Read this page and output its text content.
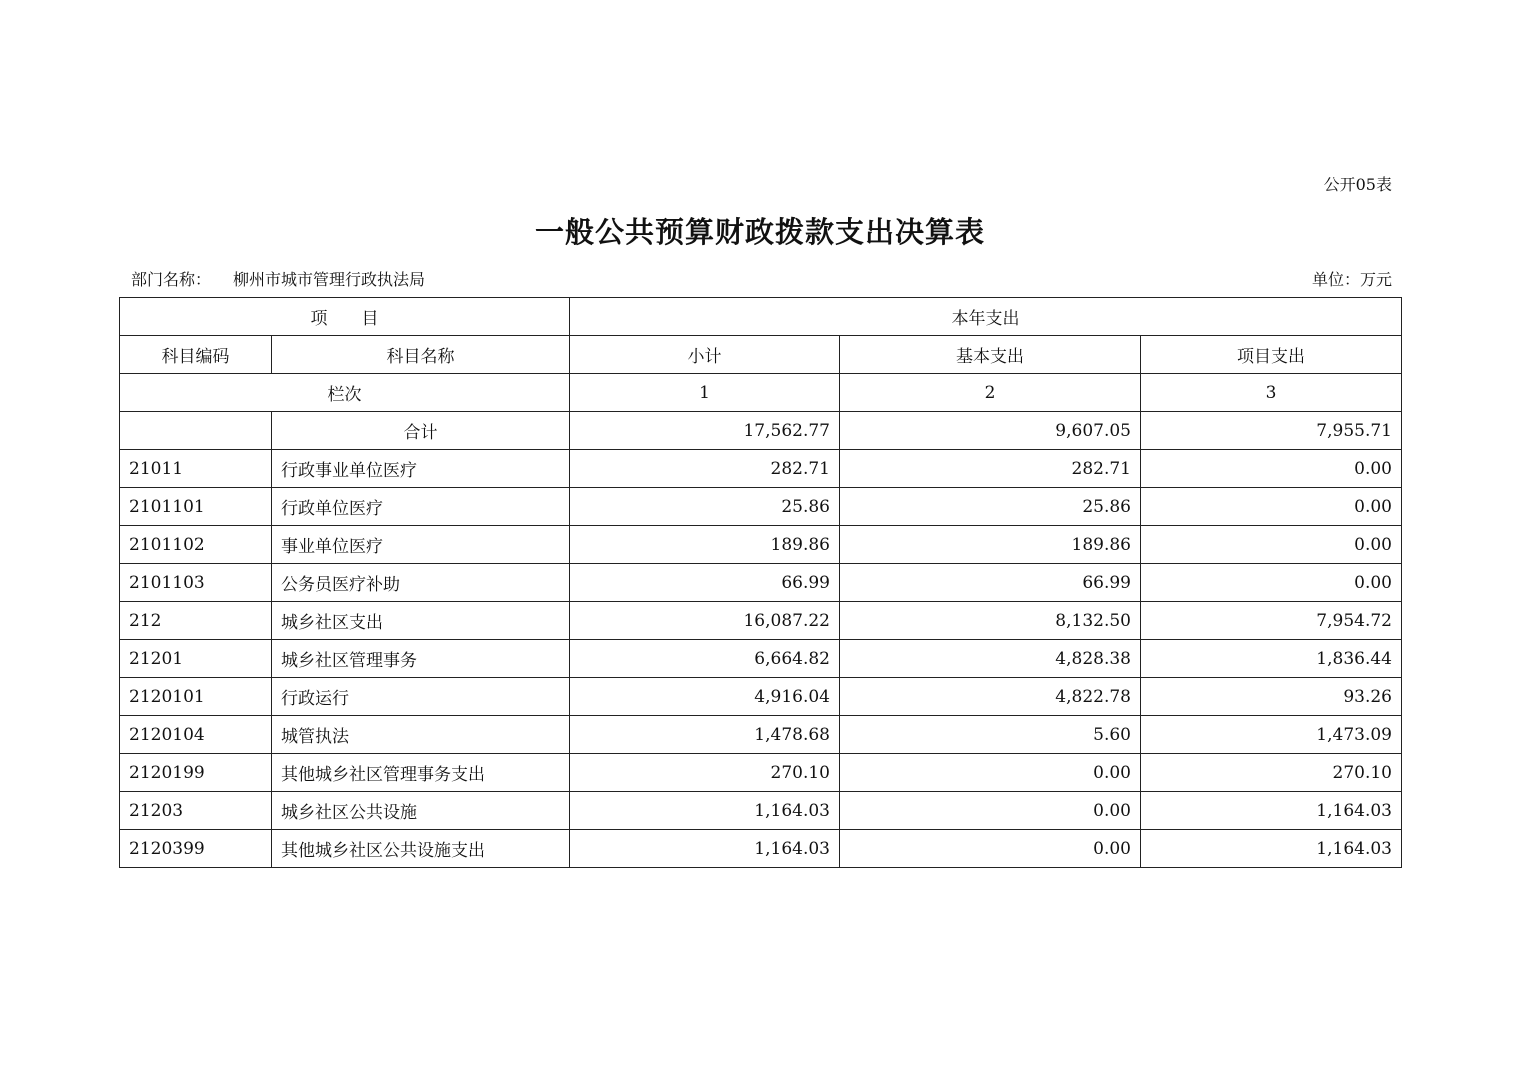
公开05表
一般公共预算财政拨款支出决算表
部门名称： 柳州市城市管理行政执法局	单位：万元
项　　目		本年支出		
科目编码	科目名称	小计	基本支出	项目支出
栏次		1	2	3
	合计	17,562.77	9,607.05	7,955.71
21011	行政事业单位医疗	282.71	282.71	0.00
2101101	行政单位医疗	25.86	25.86	0.00
2101102	事业单位医疗	189.86	189.86	0.00
2101103	公务员医疗补助	66.99	66.99	0.00
212	城乡社区支出	16,087.22	8,132.50	7,954.72
21201	城乡社区管理事务	6,664.82	4,828.38	1,836.44
2120101	行政运行	4,916.04	4,822.78	93.26
2120104	城管执法	1,478.68	5.60	1,473.09
2120199	其他城乡社区管理事务支出	270.10	0.00	270.10
21203	城乡社区公共设施	1,164.03	0.00	1,164.03
2120399	其他城乡社区公共设施支出	1,164.03	0.00	1,164.03
